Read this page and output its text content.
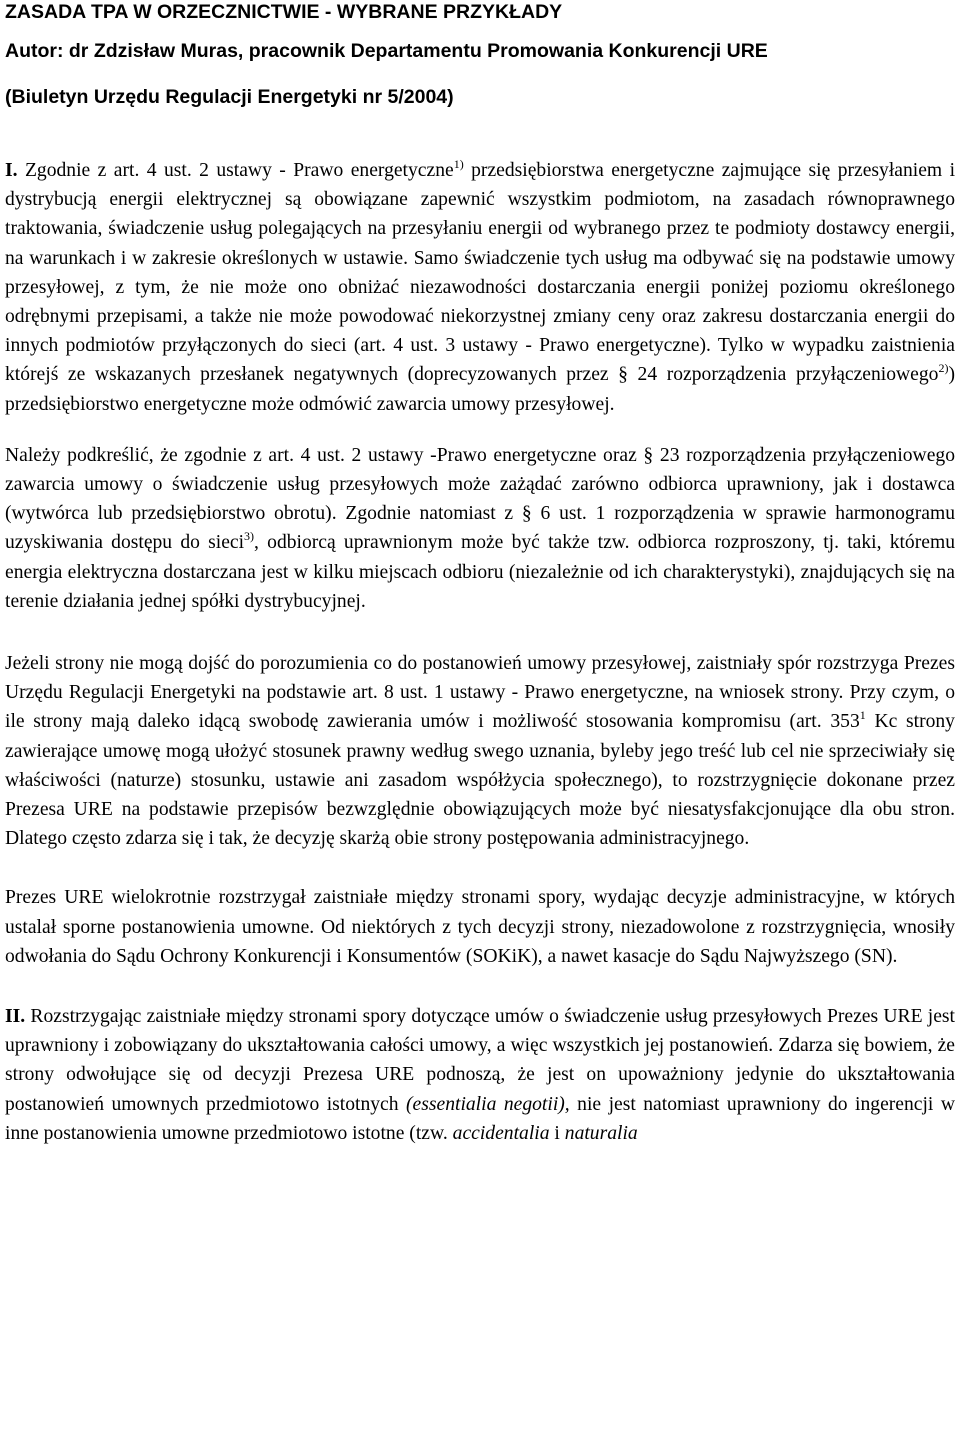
ZASADA TPA W ORZECZNICTWIE - WYBRANE PRZYKŁADY
Autor: dr Zdzisław Muras, pracownik Departamentu Promowania Konkurencji URE
(Biuletyn Urzędu Regulacji Energetyki nr 5/2004)

I. Zgodnie z art. 4 ust. 2 ustawy - Prawo energetyczne$^{1)}$ przedsiębiorstwa energetyczne zajmujące się przesyłaniem i dystrybucją energii elektrycznej są obowiązane zapewnić wszystkim podmiotom, na zasadach równoprawnego traktowania, świadczenie usług polegających na przesyłaniu energii od wybranego przez te podmioty dostawcy energii, na warunkach i w zakresie określonych w ustawie. Samo świadczenie tych usług ma odbywać się na podstawie umowy przesyłowej, z tym, że nie może ono obniżać niezawodności dostarczania energii poniżej poziomu określonego odrębnymi przepisami, a także nie może powodować niekorzystnej zmiany ceny oraz zakresu dostarczania energii do innych podmiotów przyłączonych do sieci (art. 4 ust. 3 ustawy - Prawo energetyczne). Tylko w wypadku zaistnienia którejś ze wskazanych przesłanek negatywnych (doprecyzowanych przez § 24 rozporządzenia przyłączeniowego$^{2)}$) przedsiębiorstwo energetyczne może odmówić zawarcia umowy przesyłowej.

Należy podkreślić, że zgodnie z art. 4 ust. 2 ustawy -Prawo energetyczne oraz § 23 rozporządzenia przyłączeniowego zawarcia umowy o świadczenie usług przesyłowych może zażądać zarówno odbiorca uprawniony, jak i dostawca (wytwórca lub przedsiębiorstwo obrotu). Zgodnie natomiast z § 6 ust. 1 rozporządzenia w sprawie harmonogramu uzyskiwania dostępu do sieci$^{3)}$, odbiorcą uprawnionym może być także tzw. odbiorca rozproszony, tj. taki, któremu energia elektryczna dostarczana jest w kilku miejscach odbioru (niezależnie od ich charakterystyki), znajdujących się na terenie działania jednej spółki dystrybucyjnej.

Jeżeli strony nie mogą dojść do porozumienia co do postanowień umowy przesyłowej, zaistniały spór rozstrzyga Prezes Urzędu Regulacji Energetyki na podstawie art. 8 ust. 1 ustawy - Prawo energetyczne, na wniosek strony. Przy czym, o ile strony mają daleko idącą swobodę zawierania umów i możliwość stosowania kompromisu (art. $353^1$ Kc strony zawierające umowę mogą ułożyć stosunek prawny według swego uznania, byleby jego treść lub cel nie sprzeciwiały się właściwości (naturze) stosunku, ustawie ani zasadom współżycia społecznego), to rozstrzygnięcie dokonane przez Prezesa URE na podstawie przepisów bezwzględnie obowiązujących może być niesatysfakcjonujące dla obu stron. Dlatego często zdarza się i tak, że decyzję skarżą obie strony postępowania administracyjnego.

Prezes URE wielokrotnie rozstrzygał zaistniałe między stronami spory, wydając decyzje administracyjne, w których ustalał sporne postanowienia umowne. Od niektórych z tych decyzji strony, niezadowolone z rozstrzygnięcia, wnosiły odwołania do Sądu Ochrony Konkurencji i Konsumentów (SOKiK), a nawet kasacje do Sądu Najwyższego (SN).

II. Rozstrzygając zaistniałe między stronami spory dotyczące umów o świadczenie usług przesyłowych Prezes URE jest uprawniony i zobowiązany do ukształtowania całości umowy, a więc wszystkich jej postanowień. Zdarza się bowiem, że strony odwołujące się od decyzji Prezesa URE podnoszą, że jest on upoważniony jedynie do ukształtowania postanowień umownych przedmiotowo istotnych (essentialia negotii), nie jest natomiast uprawniony do ingerencji w inne postanowienia umowne przedmiotowo istotne (tzw. accidentalia i naturalia
